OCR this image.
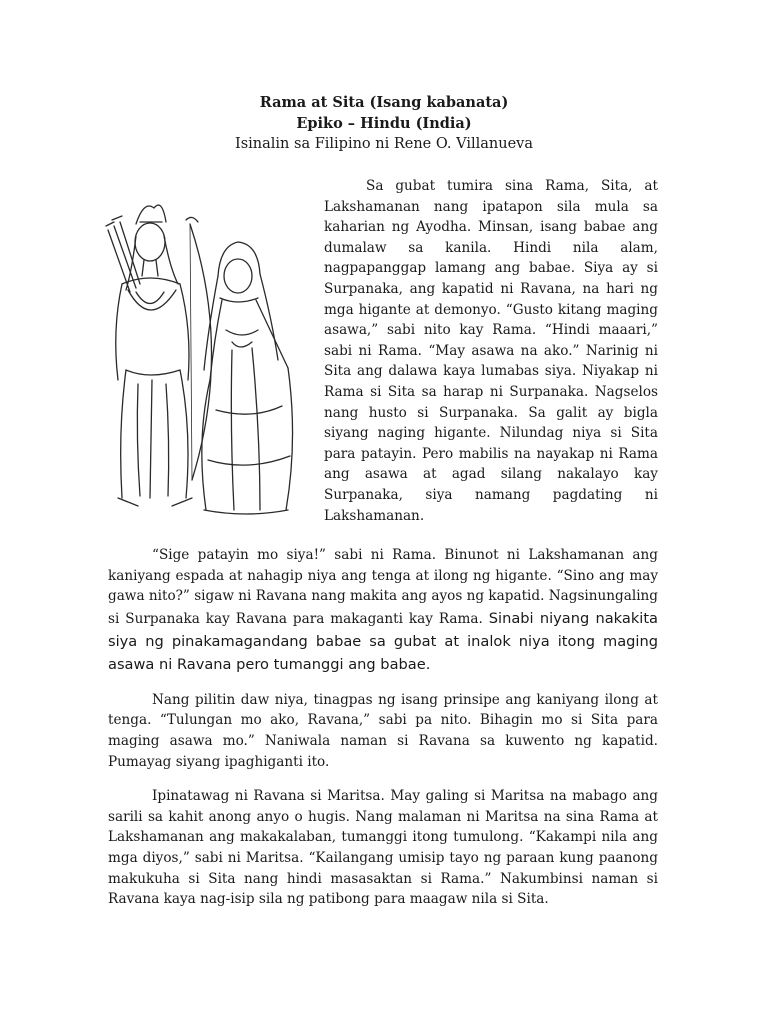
Rama at Sita (Isang kabanata)
Epiko – Hindu (India)
Isinalin sa Filipino ni Rene O. Villanueva

Sa gubat tumira sina Rama, Sita, at Lakshamanan nang ipatapon sila mula sa kaharian ng Ayodha. Minsan, isang babae ang dumalaw sa kanila. Hindi nila alam, nagpapanggap lamang ang babae. Siya ay si Surpanaka, ang kapatid ni Ravana, na hari ng mga higante at demonyo. “Gusto kitang maging asawa,” sabi nito kay Rama. “Hindi maaari,” sabi ni Rama. “May asawa na ako.” Narinig ni Sita ang dalawa kaya lumabas siya. Niyakap ni Rama si Sita sa harap ni Surpanaka. Nagselos nang husto si Surpanaka. Sa galit ay bigla siyang naging higante. Nilundag niya si Sita para patayin. Pero mabilis na nayakap ni Rama ang asawa at agad silang nakalayo kay Surpanaka, siya namang pagdating ni Lakshamanan.

“Sige patayin mo siya!” sabi ni Rama. Binunot ni Lakshamanan ang kaniyang espada at nahagip niya ang tenga at ilong ng higante. “Sino ang may gawa nito?” sigaw ni Ravana nang makita ang ayos ng kapatid. Nagsinungaling si Surpanaka kay Ravana para makaganti kay Rama. Sinabi niyang nakakita siya ng pinakamagandang babae sa gubat at inalok niya itong maging asawa ni Ravana pero tumanggi ang babae.

Nang pilitin daw niya, tinagpas ng isang prinsipe ang kaniyang ilong at tenga. “Tulungan mo ako, Ravana,” sabi pa nito. Bihagin mo si Sita para maging asawa mo.” Naniwala naman si Ravana sa kuwento ng kapatid. Pumayag siyang ipaghiganti ito.

Ipinatawag ni Ravana si Maritsa. May galing si Maritsa na mabago ang sarili sa kahit anong anyo o hugis. Nang malaman ni Maritsa na sina Rama at Lakshamanan ang makakalaban, tumanggi itong tumulong. “Kakampi nila ang mga diyos,” sabi ni Maritsa. “Kailangang umisip tayo ng paraan kung paanong makukuha si Sita nang hindi masasaktan si Rama.” Nakumbinsi naman si Ravana kaya nag-isip sila ng patibong para maagaw nila si Sita.
